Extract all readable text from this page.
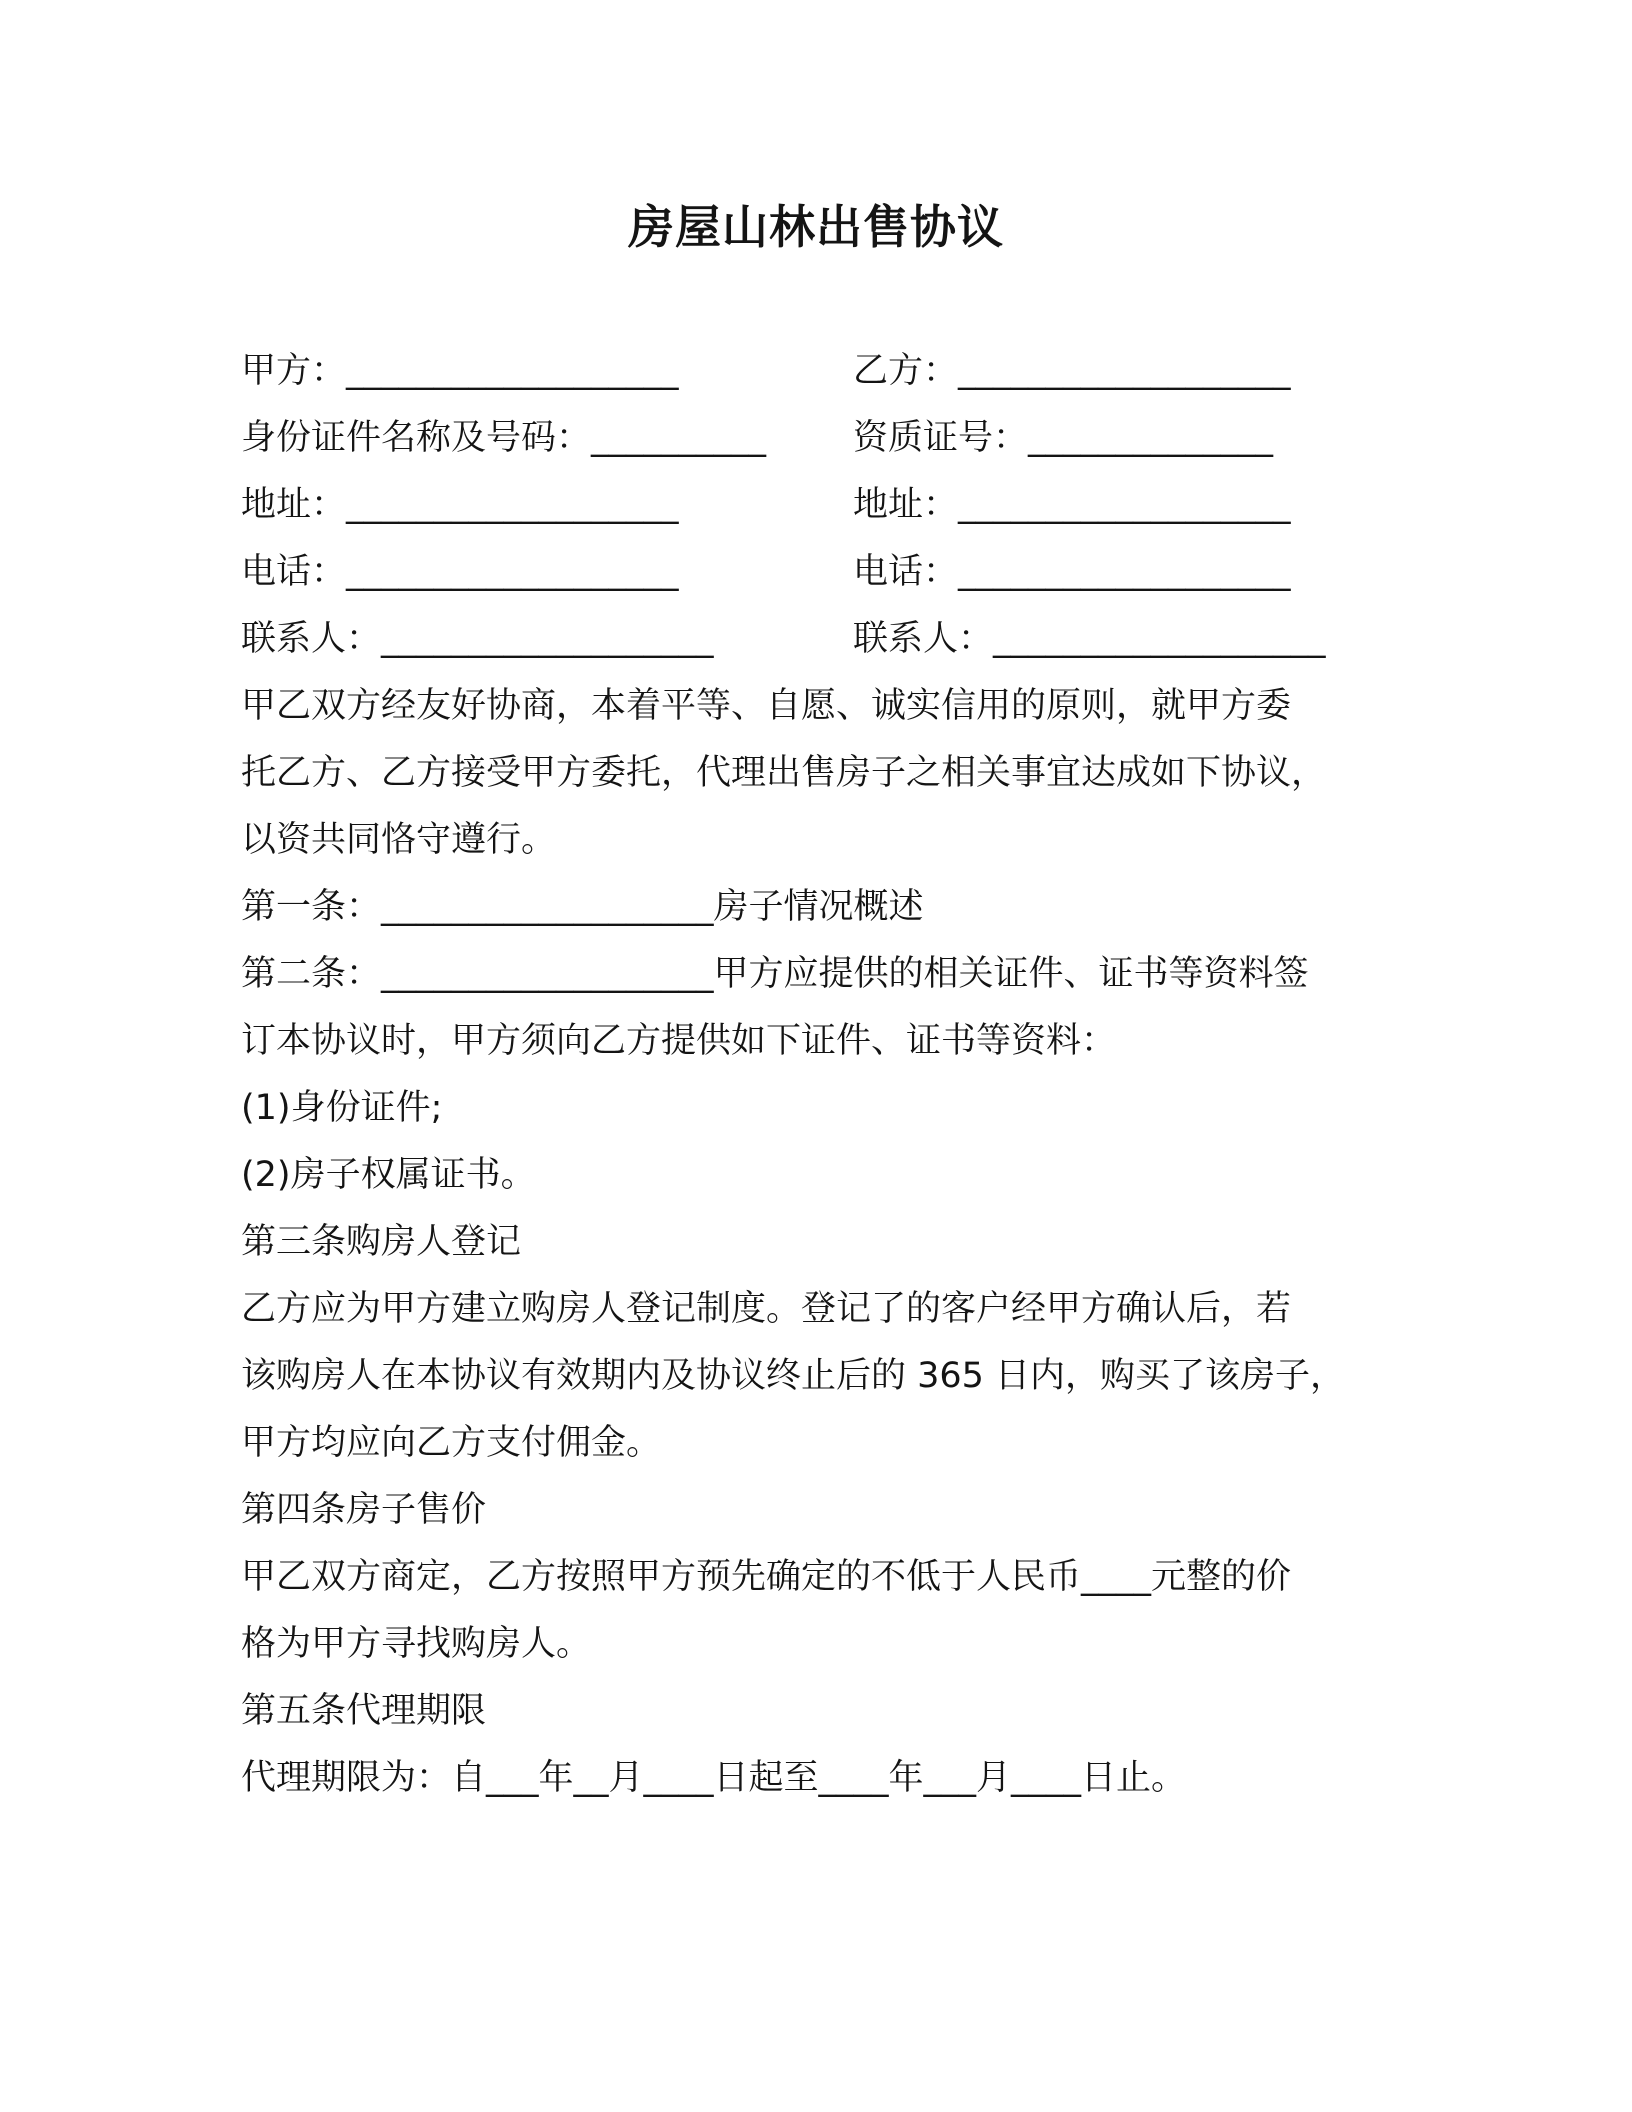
房屋山林出售协议
甲方：___________________	乙方：___________________
身份证件名称及号码：__________ 资质证号：______________
地址：___________________	地址：___________________
电话：___________________	电话：___________________
联系人：___________________	联系人：___________________
甲乙双方经友好协商，本着平等、自愿、诚实信用的原则，就甲方委
托乙方、乙方接受甲方委托，代理出售房子之相关事宜达成如下协议，
以资共同恪守遵行。
第一条：___________________房子情况概述
第二条：___________________甲方应提供的相关证件、证书等资料签
订本协议时，甲方须向乙方提供如下证件、证书等资料：
(1)身份证件;
(2)房子权属证书。
第三条购房人登记
乙方应为甲方建立购房人登记制度。登记了的客户经甲方确认后，若
该购房人在本协议有效期内及协议终止后的 365 日内，购买了该房子，
甲方均应向乙方支付佣金。
第四条房子售价
甲乙双方商定，乙方按照甲方预先确定的不低于人民币____元整的价
格为甲方寻找购房人。
第五条代理期限
代理期限为：自___年__月____日起至____年___月____日止。
